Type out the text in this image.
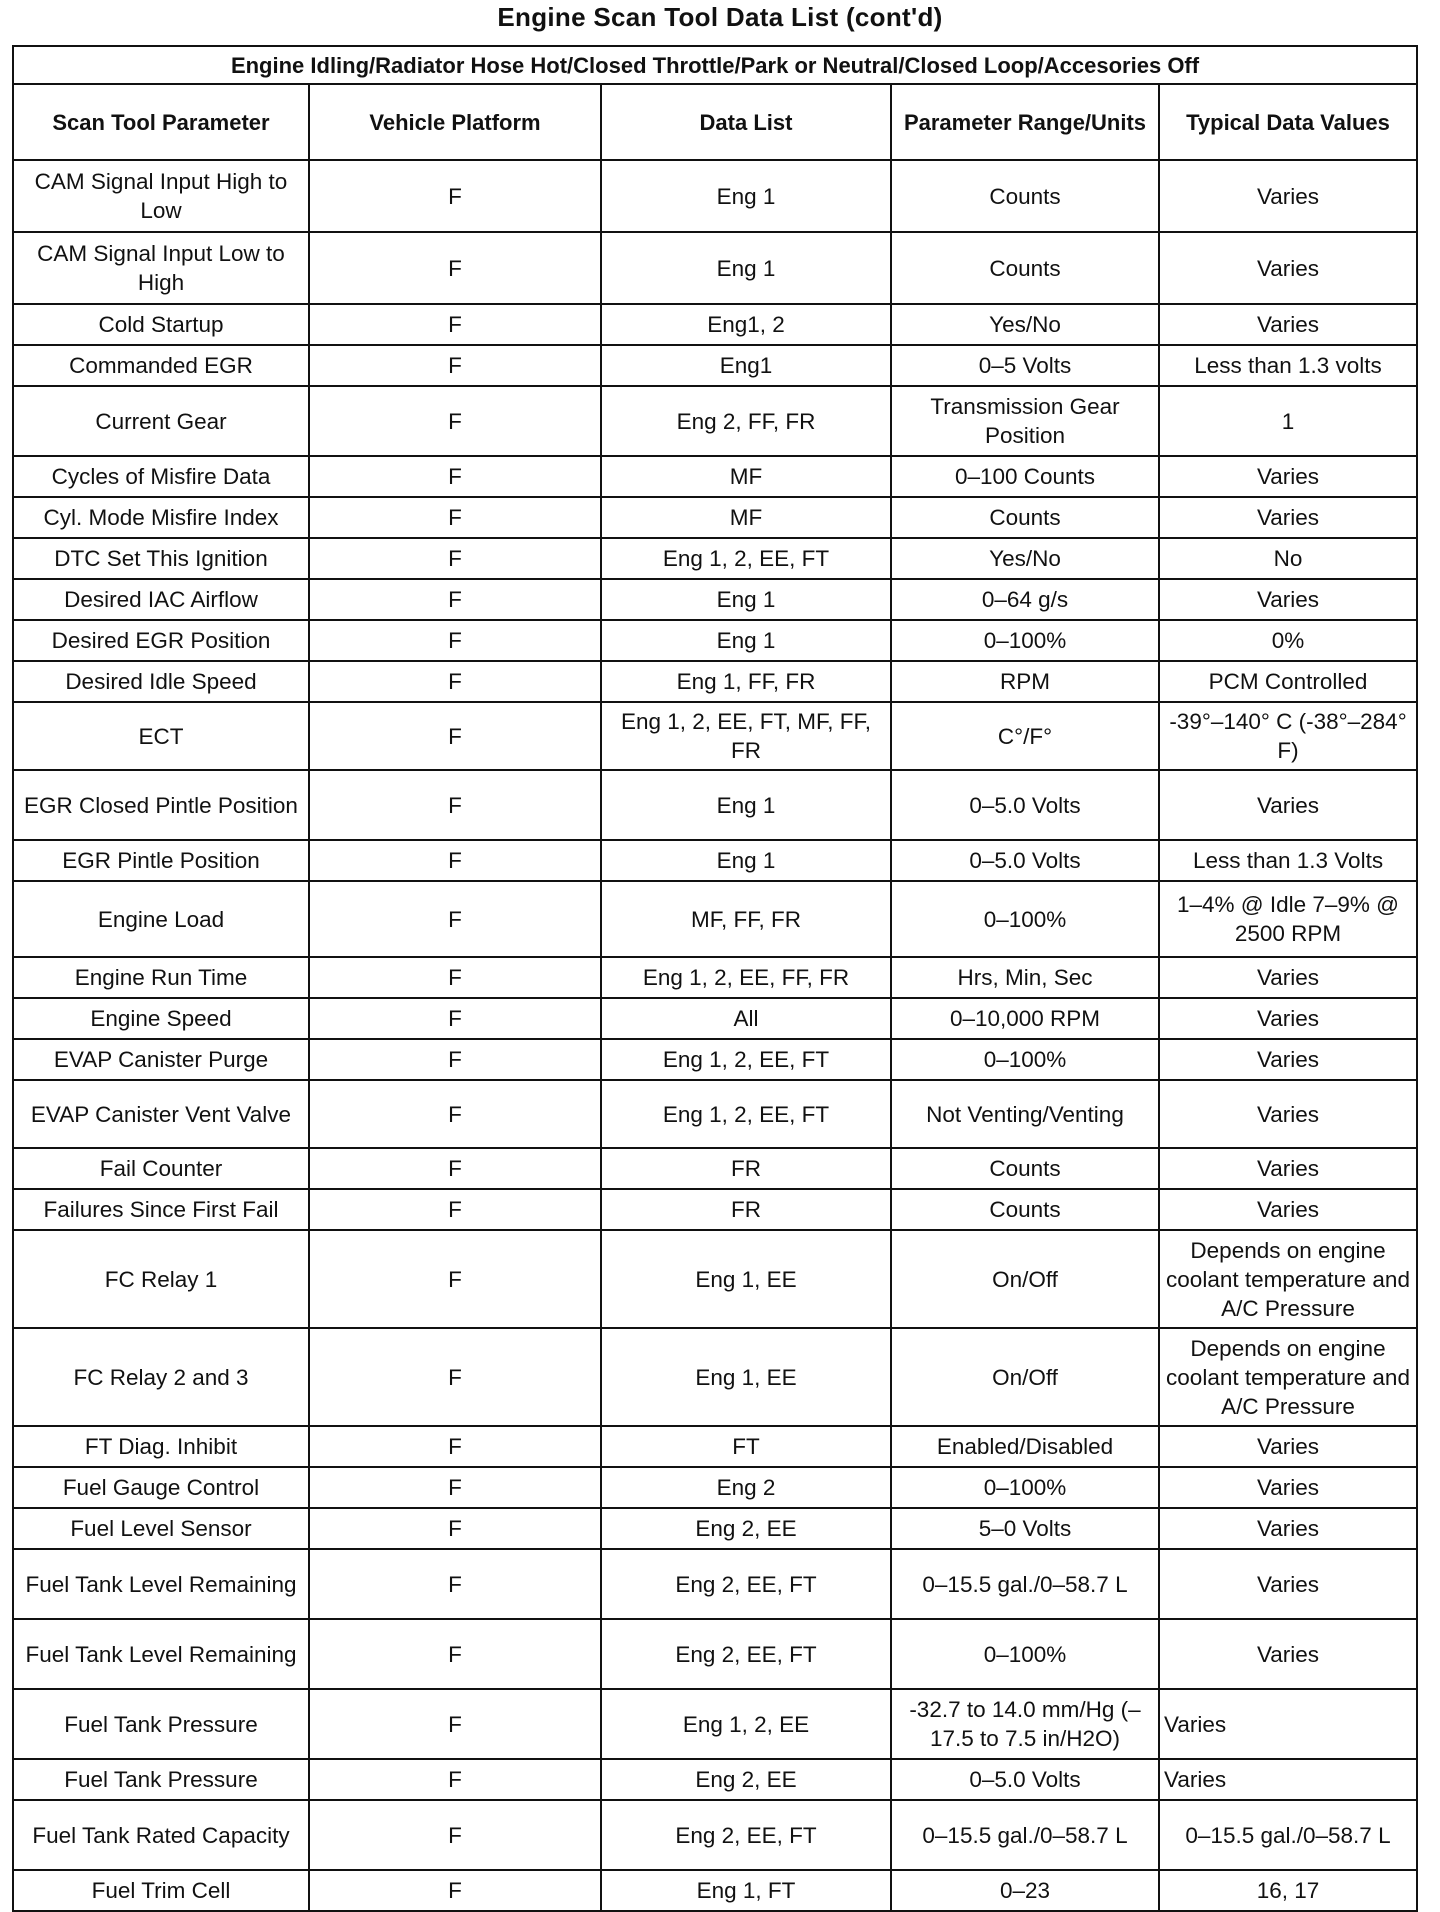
Engine Scan Tool Data List (cont'd)
Engine Idling/Radiator Hose Hot/Closed Throttle/Park or Neutral/Closed Loop/Accesories Off				
Scan Tool Parameter	Vehicle Platform	Data List	Parameter Range/Units	Typical Data Values
CAM Signal Input High to Low	F	Eng 1	Counts	Varies
CAM Signal Input Low to High	F	Eng 1	Counts	Varies
Cold Startup	F	Eng1, 2	Yes/No	Varies
Commanded EGR	F	Eng1	0–5 Volts	Less than 1.3 volts
Current Gear	F	Eng 2, FF, FR	Transmission Gear Position	1
Cycles of Misfire Data	F	MF	0–100 Counts	Varies
Cyl. Mode Misfire Index	F	MF	Counts	Varies
DTC Set This Ignition	F	Eng 1, 2, EE, FT	Yes/No	No
Desired IAC Airflow	F	Eng 1	0–64 g/s	Varies
Desired EGR Position	F	Eng 1	0–100%	0%
Desired Idle Speed	F	Eng 1, FF, FR	RPM	PCM Controlled
ECT	F	Eng 1, 2, EE, FT, MF, FF, FR	C°/F°	-39°–140° C (-38°–284° F)
EGR Closed Pintle Position	F	Eng 1	0–5.0 Volts	Varies
EGR Pintle Position	F	Eng 1	0–5.0 Volts	Less than 1.3 Volts
Engine Load	F	MF, FF, FR	0–100%	1–4% @ Idle 7–9% @ 2500 RPM
Engine Run Time	F	Eng 1, 2, EE, FF, FR	Hrs, Min, Sec	Varies
Engine Speed	F	All	0–10,000 RPM	Varies
EVAP Canister Purge	F	Eng 1, 2, EE, FT	0–100%	Varies
EVAP Canister Vent Valve	F	Eng 1, 2, EE, FT	Not Venting/Venting	Varies
Fail Counter	F	FR	Counts	Varies
Failures Since First Fail	F	FR	Counts	Varies
FC Relay 1	F	Eng 1, EE	On/Off	Depends on engine coolant temperature and A/C Pressure
FC Relay 2 and 3	F	Eng 1, EE	On/Off	Depends on engine coolant temperature and A/C Pressure
FT Diag. Inhibit	F	FT	Enabled/Disabled	Varies
Fuel Gauge Control	F	Eng 2	0–100%	Varies
Fuel Level Sensor	F	Eng 2, EE	5–0 Volts	Varies
Fuel Tank Level Remaining	F	Eng 2, EE, FT	0–15.5 gal./0–58.7 L	Varies
Fuel Tank Level Remaining	F	Eng 2, EE, FT	0–100%	Varies
Fuel Tank Pressure	F	Eng 1, 2, EE	-32.7 to 14.0 mm/Hg (–17.5 to 7.5 in/H2O)	Varies
Fuel Tank Pressure	F	Eng 2, EE	0–5.0 Volts	Varies
Fuel Tank Rated Capacity	F	Eng 2, EE, FT	0–15.5 gal./0–58.7 L	0–15.5 gal./0–58.7 L
Fuel Trim Cell	F	Eng 1, FT	0–23	16, 17
